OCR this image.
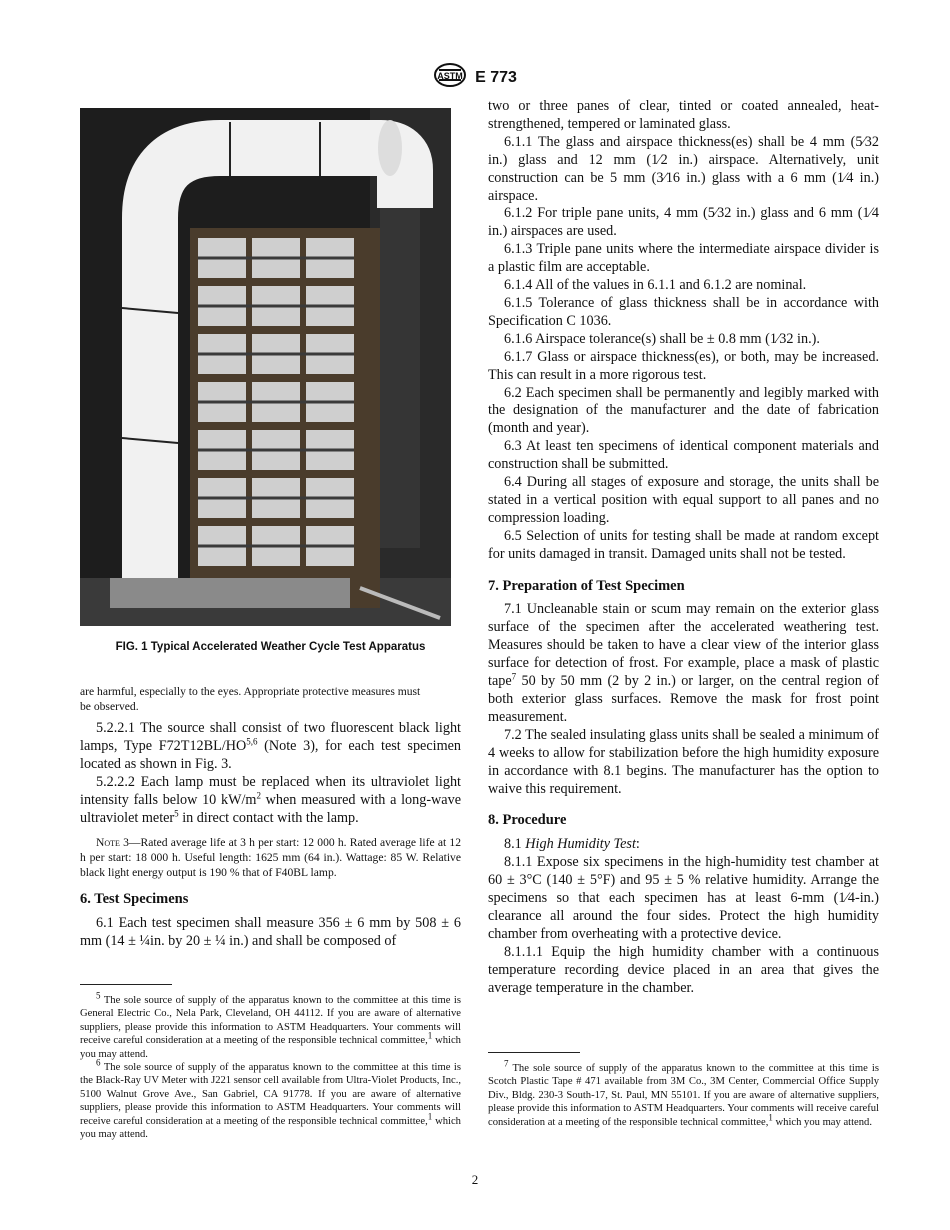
ASTM E 773
FIG. 1 Typical Accelerated Weather Cycle Test Apparatus

are harmful, especially to the eyes. Appropriate protective measures must
be observed.

5.2.2.1 The source shall consist of two fluorescent black light lamps, Type F72T12BL/HO$^{5,6}$ (Note 3), for each test specimen located as shown in Fig. 3.

5.2.2.2 Each lamp must be replaced when its ultraviolet light intensity falls below 10 $kW/m^2$ when measured with a long-wave ultraviolet meter$^5$ in direct contact with the lamp.

Note 3—Rated average life at 3 h per start: 12 000 h. Rated average life at 12 h per start: 18 000 h. Useful length: 1625 mm (64 in.). Wattage: 85 W. Relative black light energy output is 190 % that of F40BL lamp.

6. Test Specimens

6.1 Each test specimen shall measure 356 ± 6 mm by 508 ± 6 mm (14 ± ¼in. by 20 ± ¼ in.) and shall be composed of

$^5$ The sole source of supply of the apparatus known to the committee at this time is General Electric Co., Nela Park, Cleveland, OH 44112. If you are aware of alternative suppliers, please provide this information to ASTM Headquarters. Your comments will receive careful consideration at a meeting of the responsible technical committee,$^1$ which you may attend.

$^6$ The sole source of supply of the apparatus known to the committee at this time is the Black-Ray UV Meter with J221 sensor cell available from Ultra-Violet Products, Inc., 5100 Walnut Grove Ave., San Gabriel, CA 91778. If you are aware of alternative suppliers, please provide this information to ASTM Headquarters. Your comments will receive careful consideration at a meeting of the responsible technical committee,$^1$ which you may attend.

two or three panes of clear, tinted or coated annealed, heat-strengthened, tempered or laminated glass.

6.1.1 The glass and airspace thickness(es) shall be 4 mm (5⁄32 in.) glass and 12 mm (1⁄2 in.) airspace. Alternatively, unit construction can be 5 mm (3⁄16 in.) glass with a 6 mm (1⁄4 in.) airspace.

6.1.2 For triple pane units, 4 mm (5⁄32 in.) glass and 6 mm (1⁄4 in.) airspaces are used.

6.1.3 Triple pane units where the intermediate airspace divider is a plastic film are acceptable.

6.1.4 All of the values in 6.1.1 and 6.1.2 are nominal.

6.1.5 Tolerance of glass thickness shall be in accordance with Specification C 1036.

6.1.6 Airspace tolerance(s) shall be ± 0.8 mm (1⁄32 in.).

6.1.7 Glass or airspace thickness(es), or both, may be increased. This can result in a more rigorous test.

6.2 Each specimen shall be permanently and legibly marked with the designation of the manufacturer and the date of fabrication (month and year).

6.3 At least ten specimens of identical component materials and construction shall be submitted.

6.4 During all stages of exposure and storage, the units shall be stated in a vertical position with equal support to all panes and no compression loading.

6.5 Selection of units for testing shall be made at random except for units damaged in transit. Damaged units shall not be tested.

7. Preparation of Test Specimen

7.1 Uncleanable stain or scum may remain on the exterior glass surface of the specimen after the accelerated weathering test. Measures should be taken to have a clear view of the interior glass surface for detection of frost. For example, place a mask of plastic tape$^7$ 50 by 50 mm (2 by 2 in.) or larger, on the central region of both exterior glass surfaces. Remove the mask for frost point measurement.

7.2 The sealed insulating glass units shall be sealed a minimum of 4 weeks to allow for stabilization before the high humidity exposure in accordance with 8.1 begins. The manufacturer has the option to waive this requirement.

8. Procedure

8.1 High Humidity Test:

8.1.1 Expose six specimens in the high-humidity test chamber at 60 ± 3°C (140 ± 5°F) and 95 ± 5 % relative humidity. Arrange the specimens so that each specimen has at least 6-mm (1⁄4-in.) clearance all around the four sides. Protect the high humidity chamber from overheating with a protective device.

8.1.1.1 Equip the high humidity chamber with a continuous temperature recording device placed in an area that gives the average temperature in the chamber.

$^7$ The sole source of supply of the apparatus known to the committee at this time is Scotch Plastic Tape # 471 available from 3M Co., 3M Center, Commercial Office Supply Div., Bldg. 230-3 South-17, St. Paul, MN 55101. If you are aware of alternative suppliers, please provide this information to ASTM Headquarters. Your comments will receive careful consideration at a meeting of the responsible technical committee,$^1$ which you may attend.

2
